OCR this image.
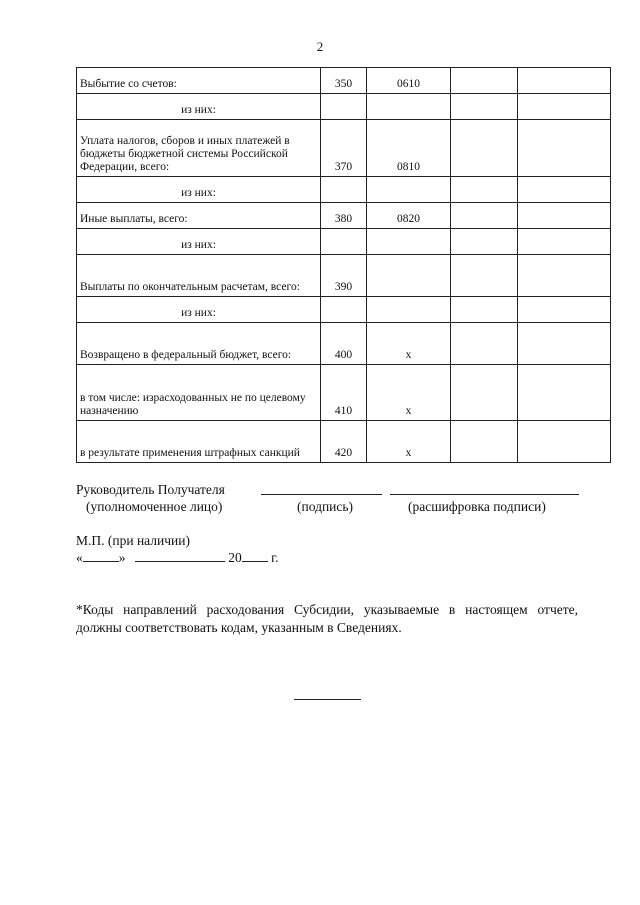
2
Выбытие со счетов:	350	0610		
из них:				
Уплата налогов, сборов и иных платежей в бюджеты бюджетной системы Российской Федерации, всего:	370	0810		
из них:				
Иные выплаты, всего:	380	0820		
из них:				
Выплаты по окончательным расчетам, всего:	390			
из них:				
Возвращено в федеральный бюджет, всего:	400	x		
в том числе: израсходованных не по целевому назначению	410	x		
в результате применения штрафных санкций	420	x		
Руководитель Получателя
(уполномоченное лицо)	(подпись)	(расшифровка подписи)
М.П. (при наличии)
«	»	20 г.
*Коды направлений расходования Субсидии, указываемые в настоящем отчете, должны соответствовать кодам, указанным в Сведениях.
